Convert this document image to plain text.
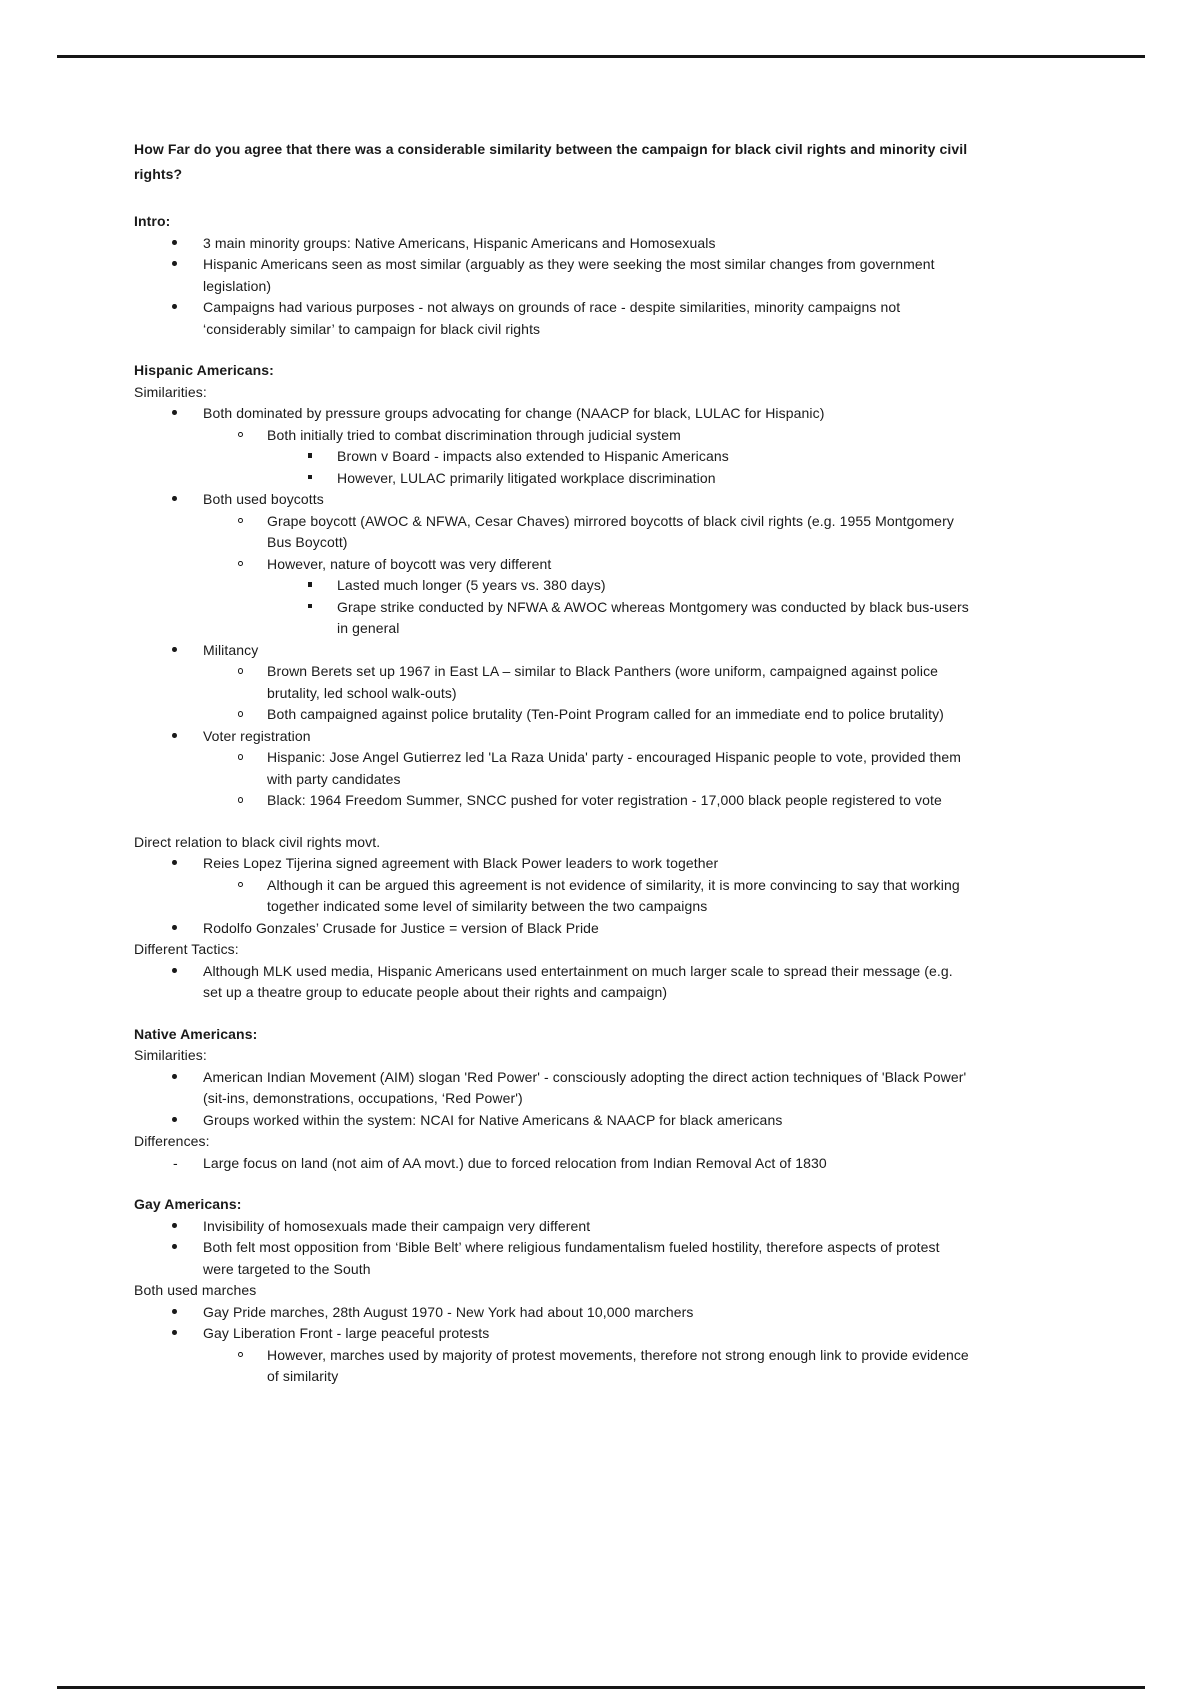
How Far do you agree that there was a considerable similarity between the campaign for black civil rights and minority civil rights?
Intro:
3 main minority groups: Native Americans, Hispanic Americans and Homosexuals
Hispanic Americans seen as most similar (arguably as they were seeking the most similar changes from government legislation)
Campaigns had various purposes - not always on grounds of race - despite similarities, minority campaigns not ‘considerably similar’ to campaign for black civil rights
Hispanic Americans:
Similarities:
Both dominated by pressure groups advocating for change (NAACP for black, LULAC for Hispanic)
Both initially tried to combat discrimination through judicial system
Brown v Board - impacts also extended to Hispanic Americans
However, LULAC primarily litigated workplace discrimination
Both used boycotts
Grape boycott (AWOC & NFWA, Cesar Chaves) mirrored boycotts of black civil rights (e.g. 1955 Montgomery Bus Boycott)
However, nature of boycott was very different
Lasted much longer (5 years vs. 380 days)
Grape strike conducted by NFWA & AWOC whereas Montgomery was conducted by black bus-users in general
Militancy
Brown Berets set up 1967 in East LA – similar to Black Panthers (wore uniform, campaigned against police brutality, led school walk-outs)
Both campaigned against police brutality (Ten-Point Program called for an immediate end to police brutality)
Voter registration
Hispanic: Jose Angel Gutierrez led 'La Raza Unida' party - encouraged Hispanic people to vote, provided them with party candidates
Black: 1964 Freedom Summer, SNCC pushed for voter registration - 17,000 black people registered to vote
Direct relation to black civil rights movt.
Reies Lopez Tijerina signed agreement with Black Power leaders to work together
Although it can be argued this agreement is not evidence of similarity, it is more convincing to say that working together indicated some level of similarity between the two campaigns
Rodolfo Gonzales’ Crusade for Justice = version of Black Pride
Different Tactics:
Although MLK used media, Hispanic Americans used entertainment on much larger scale to spread their message (e.g. set up a theatre group to educate people about their rights and campaign)
Native Americans:
Similarities:
American Indian Movement (AIM) slogan 'Red Power' - consciously adopting the direct action techniques of 'Black Power' (sit-ins, demonstrations, occupations, ‘Red Power')
Groups worked within the system: NCAI for Native Americans & NAACP for black americans
Differences:
- Large focus on land (not aim of AA movt.) due to forced relocation from Indian Removal Act of 1830
Gay Americans:
Invisibility of homosexuals made their campaign very different
Both felt most opposition from ‘Bible Belt’ where religious fundamentalism fueled hostility, therefore aspects of protest were targeted to the South
Both used marches
Gay Pride marches, 28th August 1970 - New York had about 10,000 marchers
Gay Liberation Front - large peaceful protests
However, marches used by majority of protest movements, therefore not strong enough link to provide evidence of similarity
